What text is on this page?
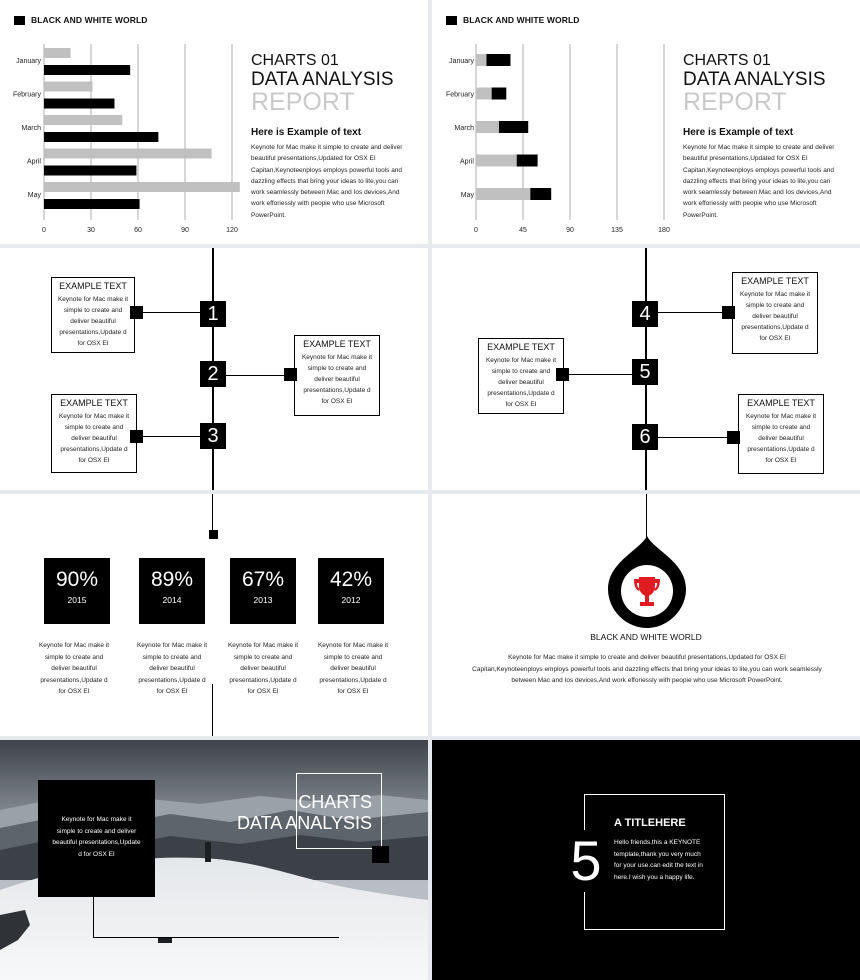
BLACK AND WHITE WORLD
0	30	60	90	120
January
February
March
April
May
CHARTS 01
DATA ANALYSIS
REPORT
Here is Example of text
Keynote for Mac make it simple to create and deliver beautiful presentations,Updated for OSX EI Capitan,Keynoteenploys employs powerful tools and dazzling effects that bring your ideas to lite,you can work seamlessly between Mac and Ios devices,And work efforiessly with peopie who use Microsoft PowerPoint.
BLACK AND WHITE WORLD
0	45	90	135	180
January
February
March
April
May
CHARTS 01
DATA ANALYSIS
REPORT
Here is Example of text
Keynote for Mac make it simple to create and deliver beautiful presentations,Updated for OSX EI Capitan,Keynoteenploys employs powerful tools and dazzling effects that bring your ideas to lite,you can work seamlessly between Mac and Ios devices,And work efforiessly with peopie who use Microsoft PowerPoint.
1
2
3
EXAMPLE TEXT
Keynote for Mac make it simple to create and deliver beautiful presentations,Update d for OSX EI	EXAMPLE TEXT
Keynote for Mac make it simple to create and deliver beautiful presentations,Update d for OSX EI
EXAMPLE TEXT
Keynote for Mac make it simple to create and deliver beautiful presentations,Update d for OSX EI
4
5
6
EXAMPLE TEXT
Keynote for Mac make it simple to create and deliver beautiful presentations,Update d for OSX EI
EXAMPLE TEXT
Keynote for Mac make it simple to create and deliver beautiful presentations,Update d for OSX EI	EXAMPLE TEXT
Keynote for Mac make it simple to create and deliver beautiful presentations,Update d for OSX EI
90%
2015
89%
2014
67%
2013
42%
2012
Keynote for Mac make it simple to create and deliver beautiful presentations,Update d for OSX EI
Keynote for Mac make it simple to create and deliver beautiful presentations,Update d for OSX EI
Keynote for Mac make it simple to create and deliver beautiful presentations,Update d for OSX EI
Keynote for Mac make it simple to create and deliver beautiful presentations,Update d for OSX EI
BLACK AND WHITE WORLD
Keynote for Mac make it simple to create and deliver beautiful presentations,Updated for OSX EI Capitan,Keynoteenploys employs powerful tools and dazzling effects that bring your ideas to lite,you can work seamlessly between Mac and Ios devices,And work efforiessly with peopie who use Microsoft PowerPoint.
Keynote for Mac make it simple to create and deliver beautiful presentations,Update d for OSX EI
CHARTS
DATA ANALYSIS
5
A TITLEHERE
Hello friends,this a KEYNOTE template,thank you very much for your use.can edit the text in here.I wish you a happy life.
